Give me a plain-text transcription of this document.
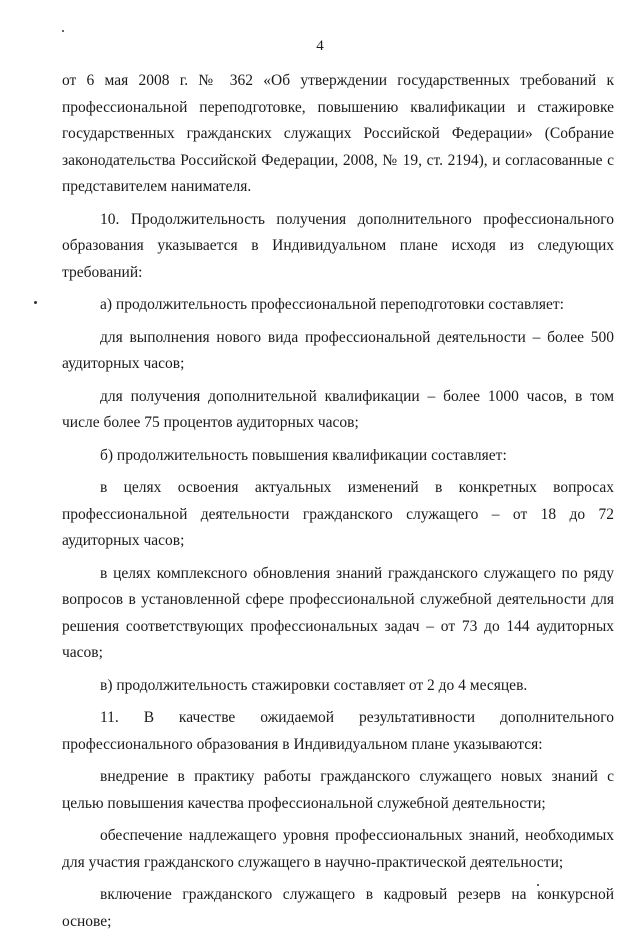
4

от 6 мая 2008 г. № 362 «Об утверждении государственных требований к профессиональной переподготовке, повышению квалификации и стажировке государственных гражданских служащих Российской Федерации» (Собрание законодательства Российской Федерации, 2008, № 19, ст. 2194), и согласованные с представителем нанимателя.

10. Продолжительность получения дополнительного профессионального образования указывается в Индивидуальном плане исходя из следующих требований:

а) продолжительность профессиональной переподготовки составляет:

для выполнения нового вида профессиональной деятельности – более 500 аудиторных часов;

для получения дополнительной квалификации – более 1000 часов, в том числе более 75 процентов аудиторных часов;

б) продолжительность повышения квалификации составляет:

в целях освоения актуальных изменений в конкретных вопросах профессиональной деятельности гражданского служащего – от 18 до 72 аудиторных часов;

в целях комплексного обновления знаний гражданского служащего по ряду вопросов в установленной сфере профессиональной служебной деятельности для решения соответствующих профессиональных задач – от 73 до 144 аудиторных часов;

в) продолжительность стажировки составляет от 2 до 4 месяцев.

11. В качестве ожидаемой результативности дополнительного профессионального образования в Индивидуальном плане указываются:

внедрение в практику работы гражданского служащего новых знаний с целью повышения качества профессиональной служебной деятельности;

обеспечение надлежащего уровня профессиональных знаний, необходимых для участия гражданского служащего в научно-практической деятельности;

включение гражданского служащего в кадровый резерв на конкурсной основе;
